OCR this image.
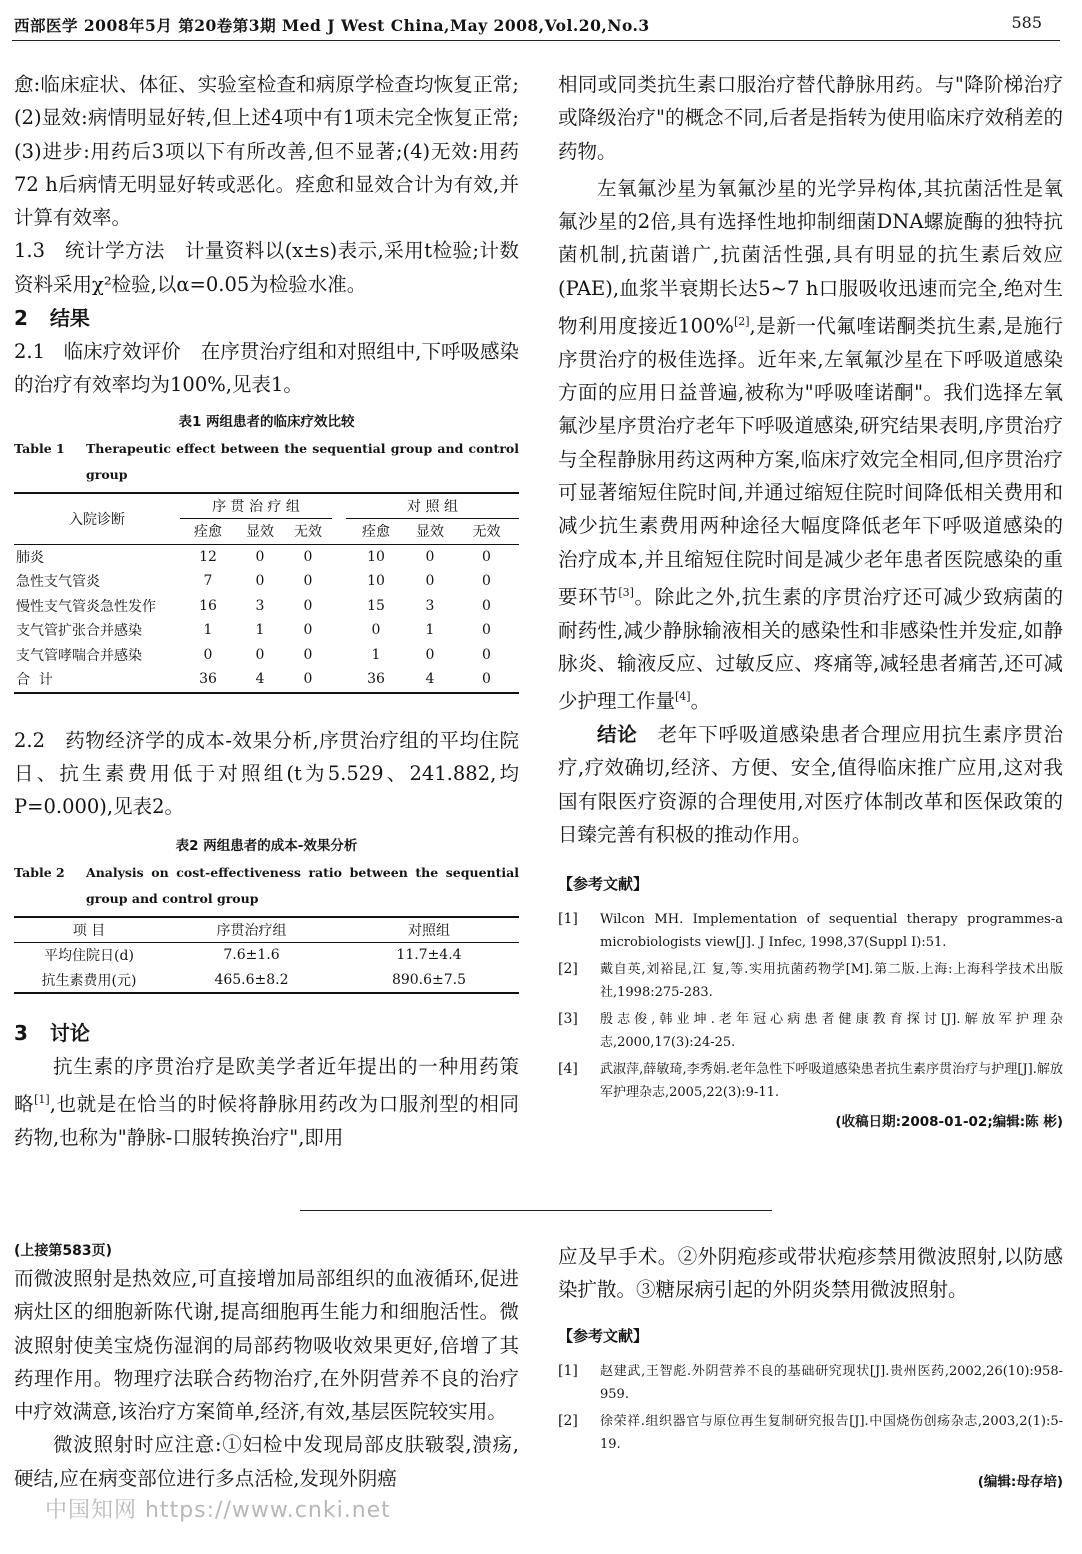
西部医学 2008年5月 第20卷第3期 Med J West China,May 2008,Vol.20,No.3	585

愈:临床症状、体征、实验室检查和病原学检查均恢复正常;(2)显效:病情明显好转,但上述4项中有1项未完全恢复正常;(3)进步:用药后3项以下有所改善,但不显著;(4)无效:用药72 h后病情无明显好转或恶化。痊愈和显效合计为有效,并计算有效率。

1.3 统计学方法 计量资料以(x±s)表示,采用t检验;计数资料采用χ²检验,以α=0.05为检验水准。

2 结果

2.1 临床疗效评价 在序贯治疗组和对照组中,下呼吸感染的治疗有效率均为100%,见表1。

表1 两组患者的临床疗效比较
Table 1 Therapeutic effect between the sequential group and control group
入院诊断	序 贯 治 疗 组				对 照 组		
	痊愈	显效	无效		痊愈	显效	无效
肺炎	12	0	0		10	0	0
急性支气管炎	7	0	0		10	0	0
慢性支气管炎急性发作	16	3	0		15	3	0
支气管扩张合并感染	1	1	0		0	1	0
支气管哮喘合并感染	0	0	0		1	0	0
合  计	36	4	0		36	4	0

2.2 药物经济学的成本-效果分析,序贯治疗组的平均住院日、抗生素费用低于对照组(t为5.529、241.882,均P=0.000),见表2。

表2 两组患者的成本-效果分析
Table 2 Analysis on cost-effectiveness ratio between the sequential group and control group
项 目	序贯治疗组	对照组
平均住院日(d)	7.6±1.6	11.7±4.4
抗生素费用(元)	465.6±8.2	890.6±7.5
3 讨论

抗生素的序贯治疗是欧美学者近年提出的一种用药策略[1],也就是在恰当的时候将静脉用药改为口服剂型的相同药物,也称为"静脉-口服转换治疗",即用

相同或同类抗生素口服治疗替代静脉用药。与"降阶梯治疗或降级治疗"的概念不同,后者是指转为使用临床疗效稍差的药物。

左氧氟沙星为氧氟沙星的光学异构体,其抗菌活性是氧氟沙星的2倍,具有选择性地抑制细菌DNA螺旋酶的独特抗菌机制,抗菌谱广,抗菌活性强,具有明显的抗生素后效应(PAE),血浆半衰期长达5~7 h口服吸收迅速而完全,绝对生物利用度接近100%[2],是新一代氟喹诺酮类抗生素,是施行序贯治疗的极佳选择。近年来,左氧氟沙星在下呼吸道感染方面的应用日益普遍,被称为"呼吸喹诺酮"。我们选择左氧氟沙星序贯治疗老年下呼吸道感染,研究结果表明,序贯治疗与全程静脉用药这两种方案,临床疗效完全相同,但序贯治疗可显著缩短住院时间,并通过缩短住院时间降低相关费用和减少抗生素费用两种途径大幅度降低老年下呼吸道感染的治疗成本,并且缩短住院时间是减少老年患者医院感染的重要环节[3]。除此之外,抗生素的序贯治疗还可减少致病菌的耐药性,减少静脉输液相关的感染性和非感染性并发症,如静脉炎、输液反应、过敏反应、疼痛等,减轻患者痛苦,还可减少护理工作量[4]。

结论 老年下呼吸道感染患者合理应用抗生素序贯治疗,疗效确切,经济、方便、安全,值得临床推广应用,这对我国有限医疗资源的合理使用,对医疗体制改革和医保政策的日臻完善有积极的推动作用。

【参考文献】
[1] Wilcon MH. Implementation of sequential therapy programmes-a microbiologists view[J]. J Infec, 1998,37(Suppl I):51.
[2] 戴自英,刘裕昆,江 复,等.实用抗菌药物学[M].第二版.上海:上海科学技术出版社,1998:275-283.
[3] 殷志俊,韩业坤.老年冠心病患者健康教育探讨[J].解放军护理杂志,2000,17(3):24-25.
[4] 武淑萍,薛敏琦,李秀娟.老年急性下呼吸道感染患者抗生素序贯治疗与护理[J].解放军护理杂志,2005,22(3):9-11.
(收稿日期:2008-01-02;编辑:陈 彬)
(上接第583页)

而微波照射是热效应,可直接增加局部组织的血液循环,促进病灶区的细胞新陈代谢,提高细胞再生能力和细胞活性。微波照射使美宝烧伤湿润的局部药物吸收效果更好,倍增了其药理作用。物理疗法联合药物治疗,在外阴营养不良的治疗中疗效满意,该治疗方案简单,经济,有效,基层医院较实用。

微波照射时应注意:①妇检中发现局部皮肤皲裂,溃疡,硬结,应在病变部位进行多点活检,发现外阴癌

应及早手术。②外阴疱疹或带状疱疹禁用微波照射,以防感染扩散。③糖尿病引起的外阴炎禁用微波照射。

【参考文献】
[1] 赵建武,王智彪.外阴营养不良的基础研究现状[J].贵州医药,2002,26(10):958-959.
[2] 徐荣祥.组织器官与原位再生复制研究报告[J].中国烧伤创疡杂志,2003,2(1):5-19.
(编辑:母存培)
中国知网 https://www.cnki.net
